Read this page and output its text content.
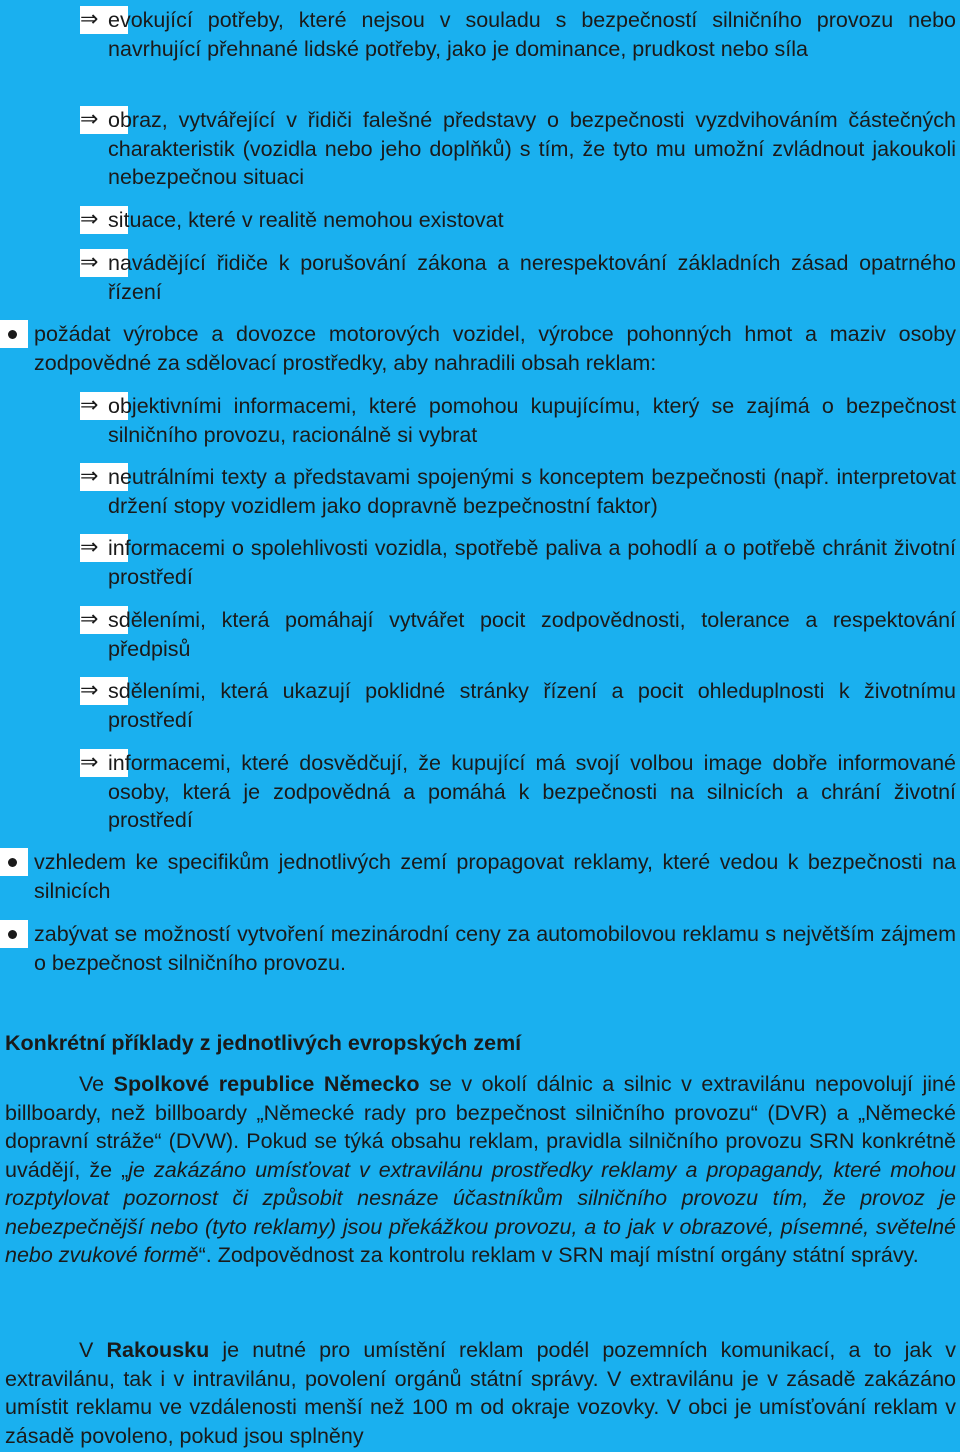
⇒ evokující potřeby, které nejsou v souladu s bezpečností silničního provozu nebo navrhující přehnané lidské potřeby, jako je dominance, prudkost nebo síla
⇒ obraz, vytvářející v řidiči falešné představy o bezpečnosti vyzdvihováním částečných charakteristik (vozidla nebo jeho doplňků) s tím, že tyto mu umožní zvládnout jakoukoli nebezpečnou situaci
⇒ situace, které v realitě nemohou existovat
⇒ navádějící řidiče k porušování zákona a nerespektování základních zásad opatrného řízení
požádat výrobce a dovozce motorových vozidel, výrobce pohonných hmot a maziv osoby zodpovědné za sdělovací prostředky, aby nahradili obsah reklam:
⇒ objektivními informacemi, které pomohou kupujícímu, který se zajímá o bezpečnost silničního provozu, racionálně si vybrat
⇒ neutrálními texty a představami spojenými s konceptem bezpečnosti (např. interpretovat držení stopy vozidlem jako dopravně bezpečnostní faktor)
⇒ informacemi o spolehlivosti vozidla, spotřebě paliva a pohodlí a o potřebě chránit životní prostředí
⇒ sděleními, která pomáhají vytvářet pocit zodpovědnosti, tolerance a respektování předpisů
⇒ sděleními, která ukazují poklidné stránky řízení a pocit ohleduplnosti k životnímu prostředí
⇒ informacemi, které dosvědčují, že kupující má svojí volbou image dobře informované osoby, která je zodpovědná a pomáhá k bezpečnosti na silnicích a chrání životní prostředí
vzhledem ke specifikům jednotlivých zemí propagovat reklamy, které vedou k bezpečnosti na silnicích
zabývat se možností vytvoření mezinárodní ceny za automobilovou reklamu s největším zájmem o bezpečnost silničního provozu.
Konkrétní příklady z jednotlivých evropských zemí
Ve Spolkové republice Německo se v okolí dálnic a silnic v extravilánu nepovolují jiné billboardy, než billboardy „Německé rady pro bezpečnost silničního provozu“ (DVR) a „Německé dopravní stráže“ (DVW). Pokud se týká obsahu reklam, pravidla silničního provozu SRN konkrétně uvádějí, že „je zakázáno umísťovat v extravilánu prostředky reklamy a propagandy, které mohou rozptylovat pozornost či způsobit nesnáze účastníkům silničního provozu tím, že provoz je nebezpečnější nebo (tyto reklamy) jsou překážkou provozu, a to jak v obrazové, písemné, světelné nebo zvukové formě“. Zodpovědnost za kontrolu reklam v SRN mají místní orgány státní správy.
V Rakousku je nutné pro umístění reklam podél pozemních komunikací, a to jak v extravilánu, tak i v intravilánu, povolení orgánů státní správy. V extravilánu je v zásadě zakázáno umístit reklamu ve vzdálenosti menší než 100 m od okraje vozovky. V obci je umísťování reklam v zásadě povoleno, pokud jsou splněny
